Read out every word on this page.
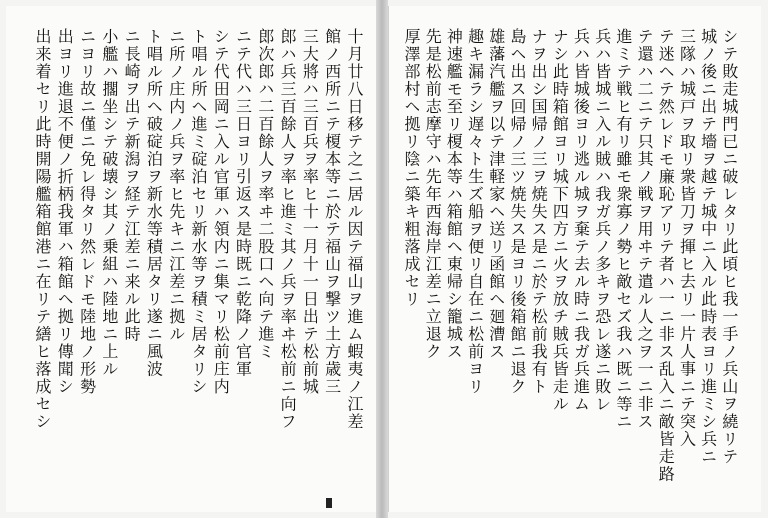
十月廿八日移テ之ニ居ル因テ福山ヲ進ム蝦夷ノ江差
館ノ西所ニテ榎本等ニ於テ福山ヲ撃ツ土方歳三
三大將ハ三百兵ヲ率ヒ十一月十一日出テ松前城
郎ハ兵三百餘人ヲ率ヒ進ミ其ノ兵ヲ率ヰ松前ニ向フ
郎次郎ハ二百餘人ヲ率ヰ二股口ヘ向テ進ミ
ニテ代ハ三日ヨリ引返ス是時既ニ乾降ノ官軍
シテ代田岡ニ入ル官軍ハ領内ニ集マリ松前庄内
ト唱ル所ヘ進ミ碇泊セリ新水等ヲ積ミ居タリシ
ニ所ノ庄内ノ兵ヲ率ヒ先キニ江差ニ拠ル
ト唱ル所ヘ破碇泊ヲ新水等積居タリ遂ニ風波
ニ長崎ヲ出テ新潟ヲ経テ江差ニ来ル此時
小艦ハ擱坐シテ破壊シ其ノ乗組ハ陸地ニ上ル
ニヨリ故ニ僅ニ免レ得タリ然レドモ陸地ノ形勢
出ヨリ進退不便ノ折柄我軍ハ箱館ヘ拠リ傳聞シ
出来着セリ此時開陽艦箱館港ニ在リテ繕ヒ落成セシ	シテ敗走城門已ニ破レタリ此頃ヒ我一手ノ兵山ヲ繞リテ
城ノ後ニ出テ墻ヲ越テ城中ニ入ル此時表ヨリ進ミシ兵ニ
三隊ハ城戸ヲ取リ衆皆刀ヲ揮ヒ去リ一片人事ニテ突入
テ迷ヘテ然レドモ廉恥アリテ者ハ一ニ非ス乱入ニ敵皆走路
テ還ハ二ニテ只其ノ戦ヲ用ヰテ遣ル人之ヲ一ニ非ス
進ミテ戦ヒ有リ雖モ衆寡ノ勢ヒ敵セズ我ハ既ニ等ニ
兵ハ皆城ニ入ル賊ハ我ガ兵ノ多キヲ恐レ遂ニ敗レ
兵ハ皆城後ヨリ逃ル城ヲ棄テ去ル時ニ我ガ兵進ム
ナシ此時箱館ヨリ城下四方ニ火ヲ放チ賊兵皆走ル
ナヲ出シ国帰ノ三ヲ焼失ス是ニ於テ松前我有ト
島ヘ出ス回帰ノ三ツ焼失ス是ヨリ後箱館ニ退ク
雄藩汽艦ヲ以テ津軽家ヘ送リ函館ヘ廻漕ス
趣キ漏ラシ遅々ト生ズ船ヲ便リ自在ニ松前ヨリ
神速艦モ至リ榎本等ハ箱館ヘ東帰シ籠城ス
先是松前志摩守ハ先年西海岸江差ニ立退ク
厚澤部村ヘ拠リ陰ニ築キ粗落成セリ
